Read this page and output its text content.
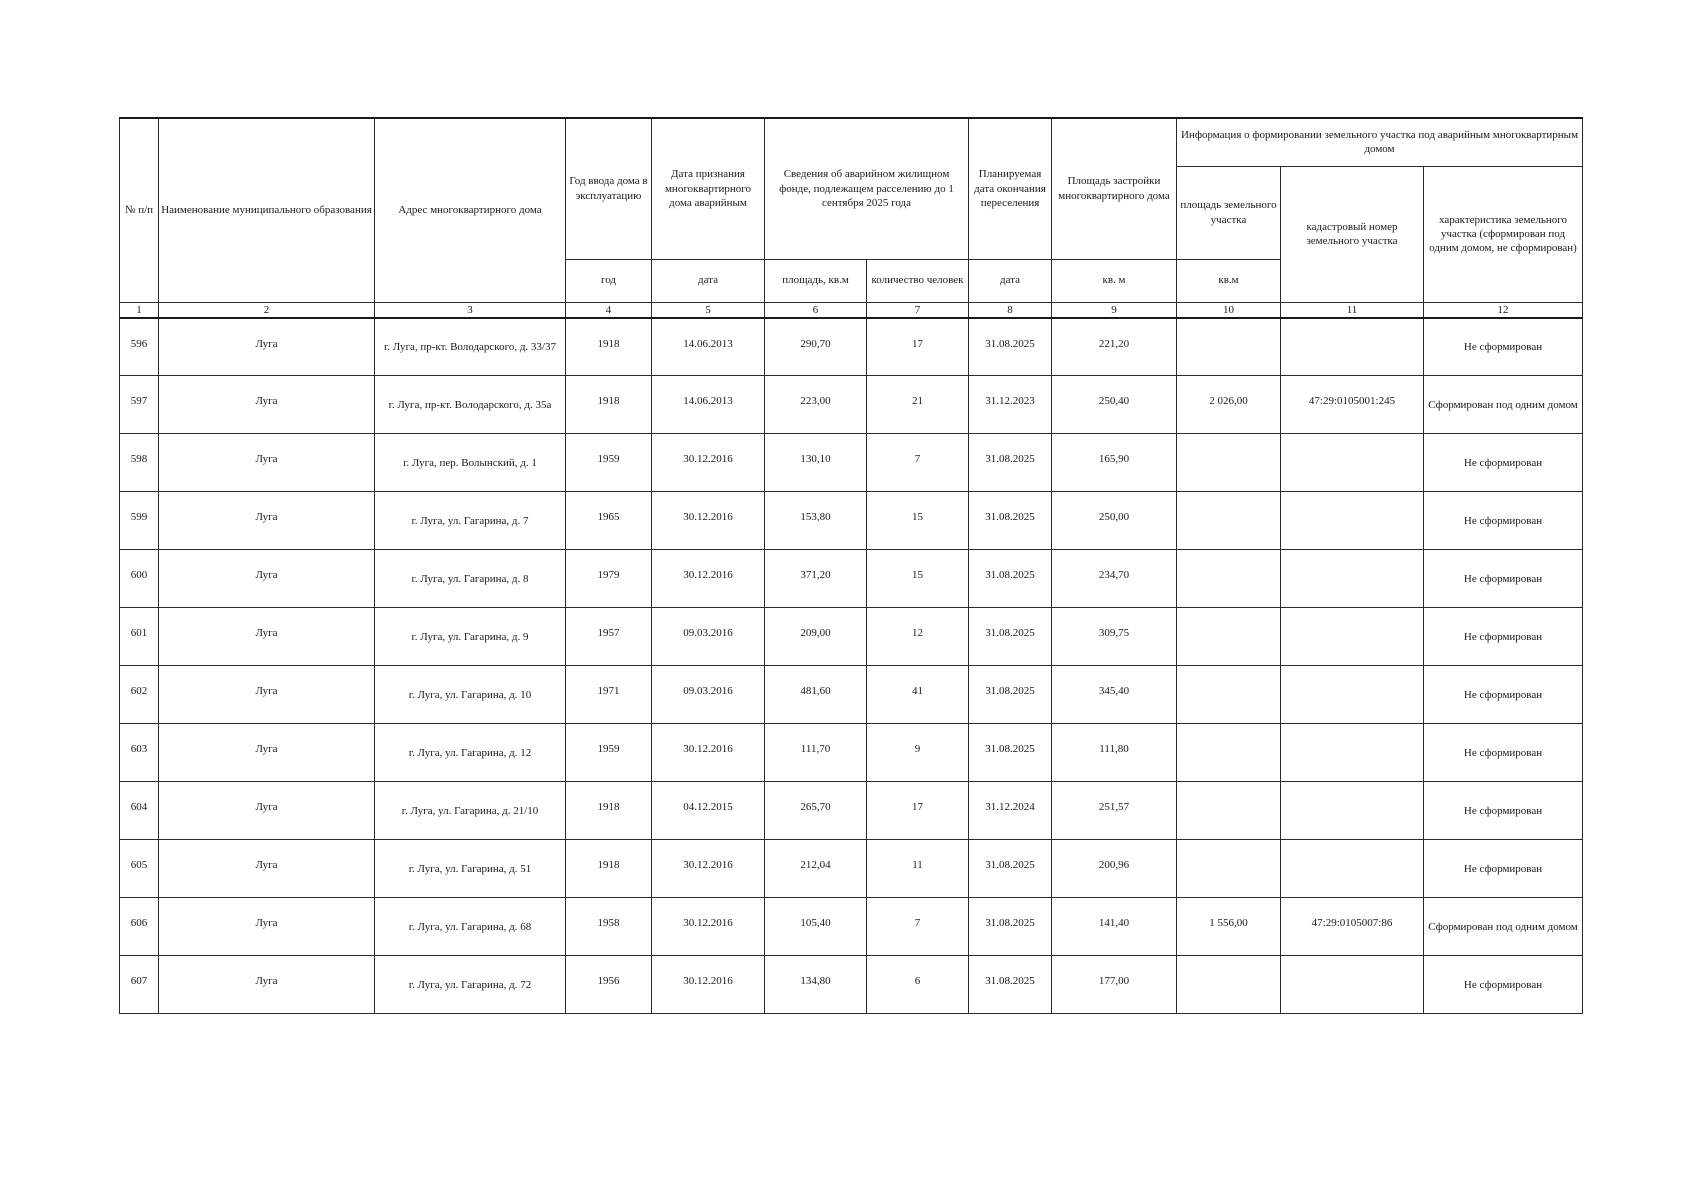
№ п/п	Наименование муниципального образования	Адрес многоквартирного дома	Год ввода дома в эксплуатацию	Дата признания многоквартирного дома аварийным	Сведения об аварийном жилищном фонде, подлежащем расселению до 1 сентября 2025 года		Планируемая дата окончания переселения	Площадь застройки многоквартирного дома	Информация о формировании земельного участка под аварийным многоквартирным домом		
									площадь земельного участка	кадастровый номер земельного участка	характеристика земельного участка (сформирован под одним домом, не сформирован)
			год	дата	площадь, кв.м	количество человек	дата	кв. м	кв.м		
1	2	3	4	5	6	7	8	9	10	11	12
596	Луга	г. Луга, пр-кт. Володарского, д. 33/37	1918	14.06.2013	290,70	17	31.08.2025	221,20			Не сформирован
597	Луга	г. Луга, пр-кт. Володарского, д. 35а	1918	14.06.2013	223,00	21	31.12.2023	250,40	2 026,00	47:29:0105001:245	Сформирован под одним домом
598	Луга	г. Луга, пер. Волынский, д. 1	1959	30.12.2016	130,10	7	31.08.2025	165,90			Не сформирован
599	Луга	г. Луга, ул. Гагарина, д. 7	1965	30.12.2016	153,80	15	31.08.2025	250,00			Не сформирован
600	Луга	г. Луга, ул. Гагарина, д. 8	1979	30.12.2016	371,20	15	31.08.2025	234,70			Не сформирован
601	Луга	г. Луга, ул. Гагарина, д. 9	1957	09.03.2016	209,00	12	31.08.2025	309,75			Не сформирован
602	Луга	г. Луга, ул. Гагарина, д. 10	1971	09.03.2016	481,60	41	31.08.2025	345,40			Не сформирован
603	Луга	г. Луга, ул. Гагарина, д. 12	1959	30.12.2016	111,70	9	31.08.2025	111,80			Не сформирован
604	Луга	г. Луга, ул. Гагарина, д. 21/10	1918	04.12.2015	265,70	17	31.12.2024	251,57			Не сформирован
605	Луга	г. Луга, ул. Гагарина, д. 51	1918	30.12.2016	212,04	11	31.08.2025	200,96			Не сформирован
606	Луга	г. Луга, ул. Гагарина, д. 68	1958	30.12.2016	105,40	7	31.08.2025	141,40	1 556,00	47:29:0105007:86	Сформирован под одним домом
607	Луга	г. Луга, ул. Гагарина, д. 72	1956	30.12.2016	134,80	6	31.08.2025	177,00			Не сформирован
